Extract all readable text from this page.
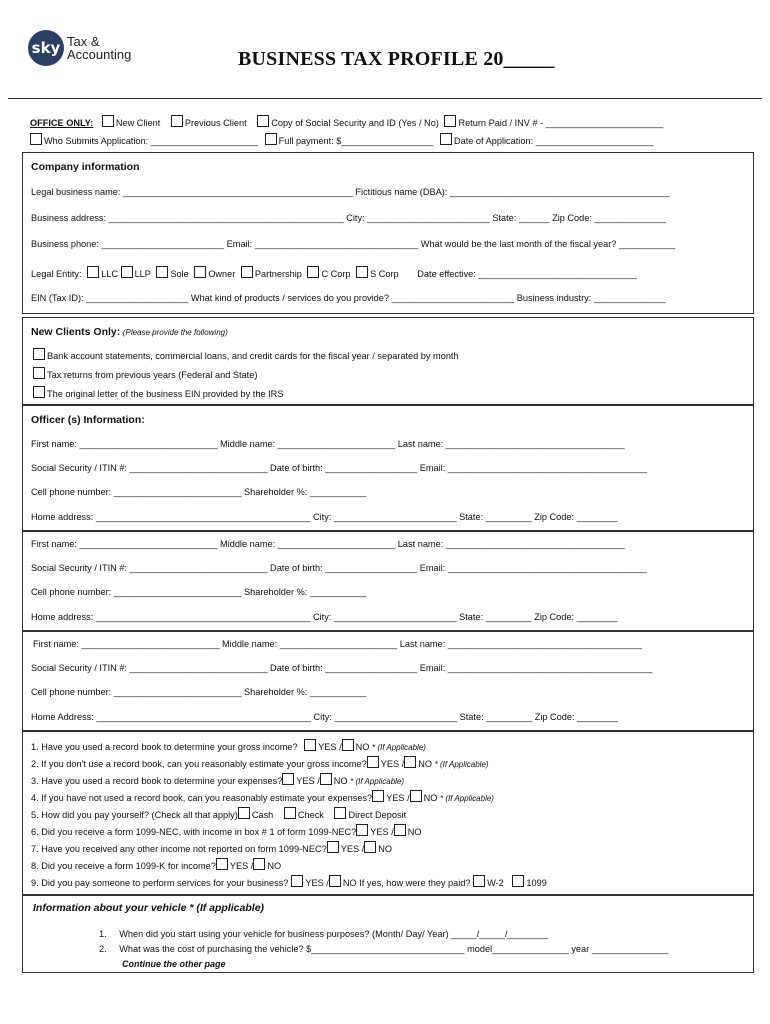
sky Tax &
Accounting	BUSINESS TAX PROFILE 20_____
OFFICE ONLY: New Client	Previous Client	Copy of Social Security and ID (Yes / No) Return Paid / INV # - _______________________
Who Submits Application: _____________________ Full payment: $__________________ Date of Application: _______________________
Company information
Legal business name: _____________________________________________ Fictitious name (DBA): ___________________________________________
Business address: ______________________________________________ City: ________________________ State: ______ Zip Code: ______________
Business phone: ________________________ Email: ________________________________ What would be the last month of the fiscal year? ___________
Legal Entity: LLC LLP Sole Owner Partnership C Corp S Corp Date effective: _______________________________
EIN (Tax ID): ____________________ What kind of products / services do you provide? ________________________ Business industry: ______________
New Clients Only: (Please provide the following)
Bank account statements, commercial loans, and credit cards for the fiscal year / separated by month
Tax returns from previous years (Federal and State)
The original letter of the business EIN provided by the IRS
Officer (s) Information:
First name: ___________________________ Middle name: _______________________ Last name: ___________________________________
Social Security / ITIN #: ___________________________ Date of birth: __________________ Email: _______________________________________
Cell phone number: _________________________ Shareholder %: ___________
Home address: __________________________________________ City: ________________________ State: _________ Zip Code: ________
First name: ___________________________ Middle name: _______________________ Last name: ___________________________________
Social Security / ITIN #: ___________________________ Date of birth: __________________ Email: _______________________________________
Cell phone number: _________________________ Shareholder %: ___________
Home address: __________________________________________ City: ________________________ State: _________ Zip Code: ________
First name: ___________________________ Middle name: _______________________ Last name: ______________________________________
Social Security / ITIN #: ___________________________ Date of birth: __________________ Email: ________________________________________
Cell phone number: _________________________ Shareholder %: ___________
Home Address: __________________________________________ City: ________________________ State: _________ Zip Code: ________
1. Have you used a record book to determine your gross income? YES / NO * (If Applicable)
2. If you don't use a record book, can you reasonably estimate your gross income? YES / NO * (If Applicable)
3. Have you used a record book to determine your expenses? YES / NO * (If Applicable)
4. If you have not used a record book, can you reasonably estimate your expenses? YES / NO * (If Applicable)
5. How did you pay yourself? (Check all that apply) Cash	Check	Direct Deposit
6. Did you receive a form 1099-NEC, with income in box # 1 of form 1099-NEC? YES / NO
7. Have you received any other income not reported on form 1099-NEC? YES / NO
8. Did you receive a form 1099-K for income? YES / NO
9. Did you pay someone to perform services for your business? YES / NO If yes, how were they paid? W-2 1099
Information about your vehicle * (If applicable)
1. When did you start using your vehicle for business purposes? (Month/ Day/ Year) _____/_____/________
2. What was the cost of purchasing the vehicle? $______________________________ model_______________ year _______________
Continue the other page
